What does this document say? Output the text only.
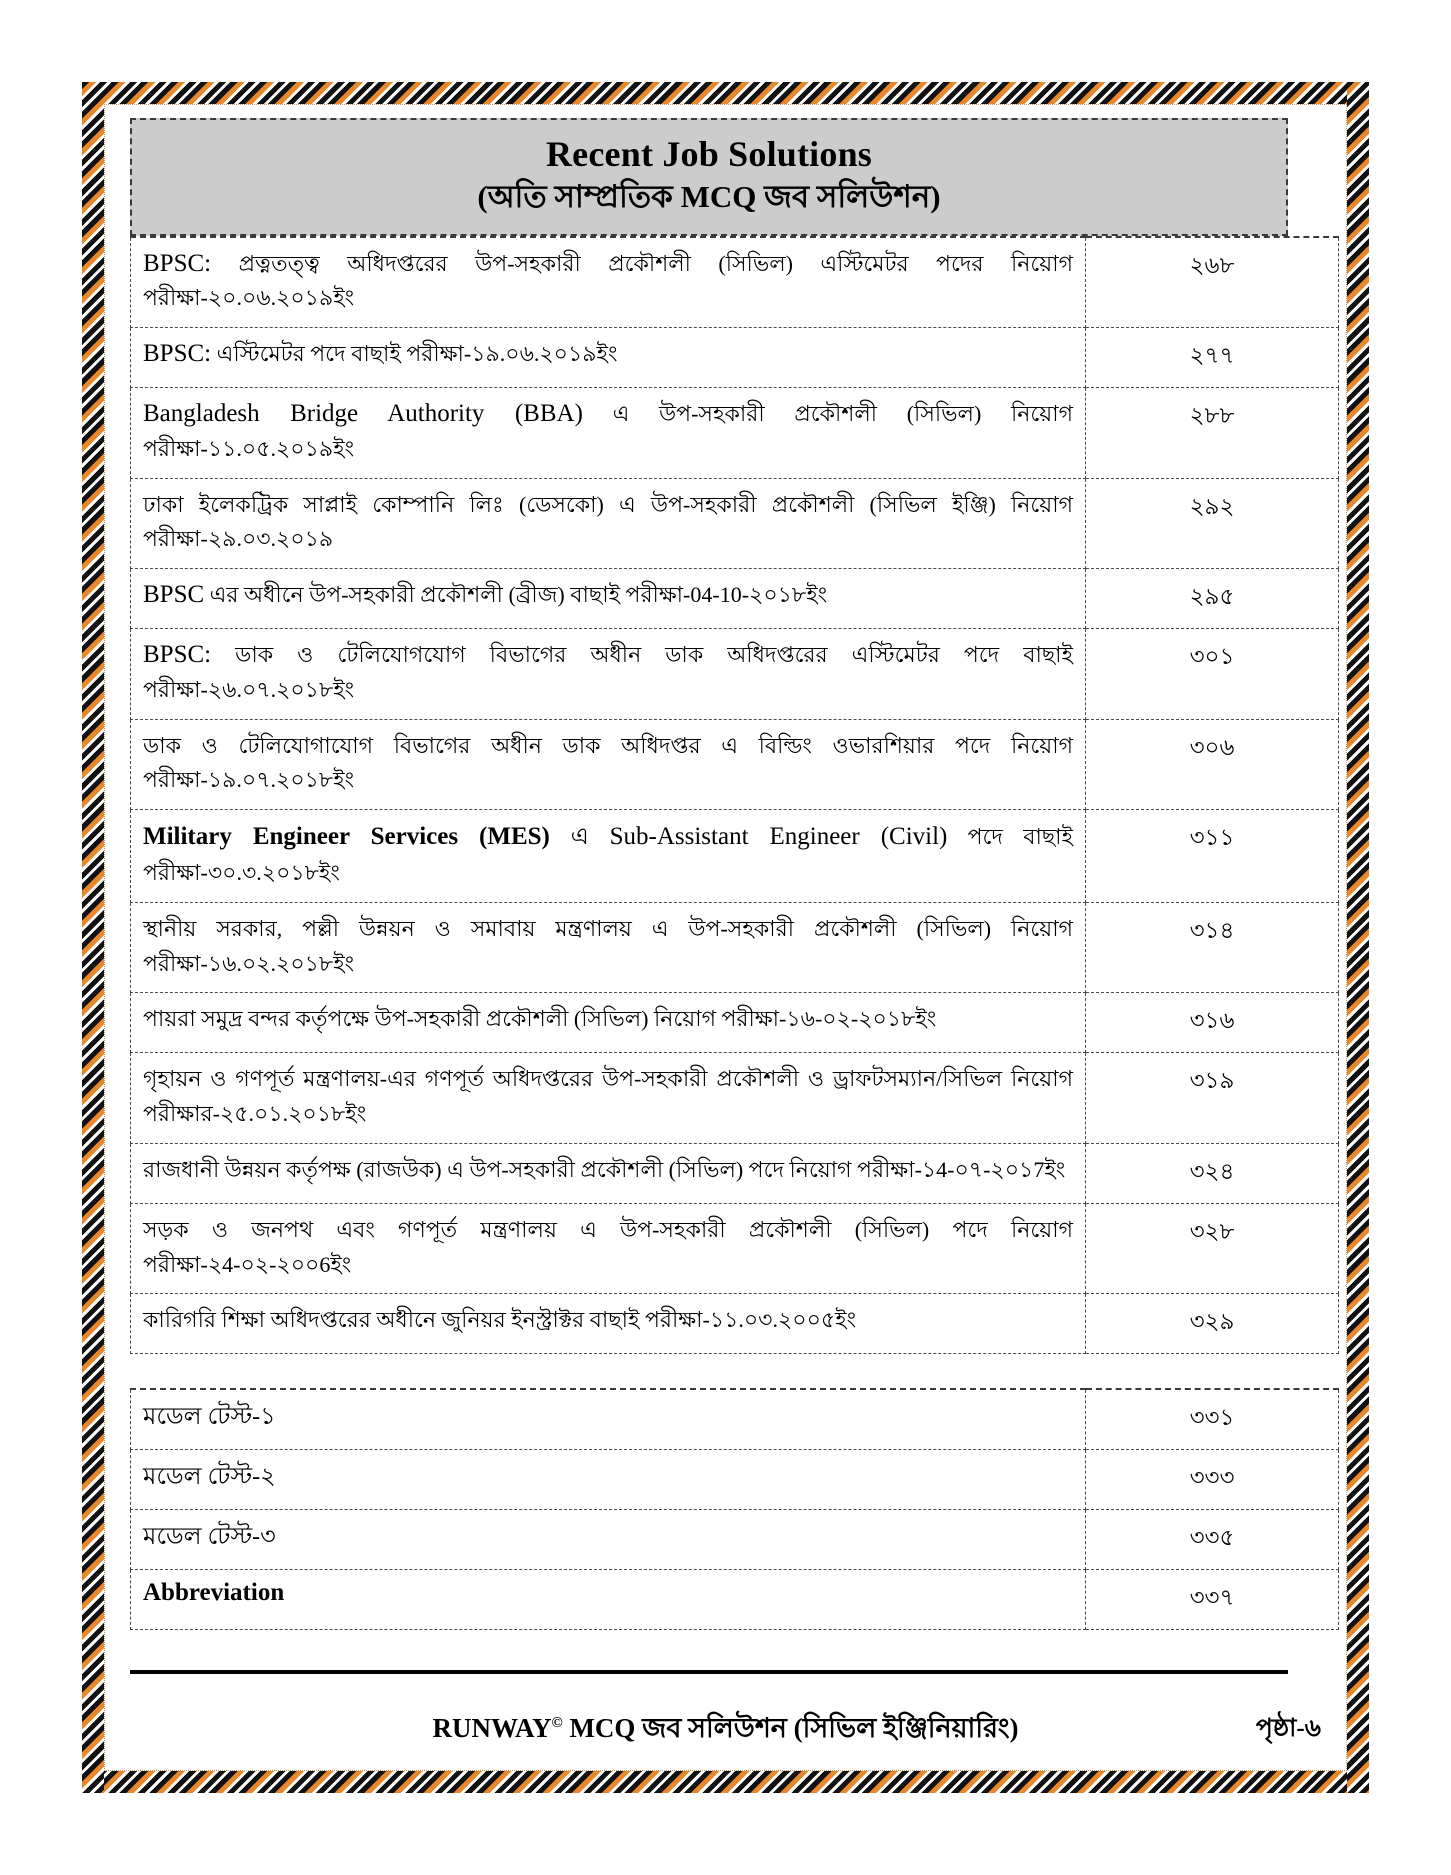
Recent Job Solutions
(অতি সাম্প্রতিক MCQ জব সলিউশন)
BPSC: প্রত্নতত্ত্ব অধিদপ্তরের উপ-সহকারী প্রকৌশলী (সিভিল) এস্টিমেটর পদের নিয়োগ পরীক্ষা-২০.০৬.২০১৯ইং	২৬৮
BPSC: এস্টিমেটর পদে বাছাই পরীক্ষা-১৯.০৬.২০১৯ইং	২৭৭
Bangladesh Bridge Authority (BBA) এ উপ-সহকারী প্রকৌশলী (সিভিল) নিয়োগ পরীক্ষা-১১.০৫.২০১৯ইং	২৮৮
ঢাকা ইলেকট্রিক সাপ্লাই কোম্পানি লিঃ (ডেসকো) এ উপ-সহকারী প্রকৌশলী (সিভিল ইঞ্জি) নিয়োগ পরীক্ষা-২৯.০৩.২০১৯	২৯২
BPSC এর অধীনে উপ-সহকারী প্রকৌশলী (ব্রীজ) বাছাই পরীক্ষা-04-10-২০১৮ইং	২৯৫
BPSC: ডাক ও টেলিযোগযোগ বিভাগের অধীন ডাক অধিদপ্তরের এস্টিমেটর পদে বাছাই পরীক্ষা-২৬.০৭.২০১৮ইং	৩০১
ডাক ও টেলিযোগাযোগ বিভাগের অধীন ডাক অধিদপ্তর এ বিল্ডিং ওভারশিয়ার পদে নিয়োগ পরীক্ষা-১৯.০৭.২০১৮ইং	৩০৬
Military Engineer Services (MES) এ Sub-Assistant Engineer (Civil) পদে বাছাই পরীক্ষা-৩০.৩.২০১৮ইং	৩১১
স্থানীয় সরকার, পল্লী উন্নয়ন ও সমাবায় মন্ত্রণালয় এ উপ-সহকারী প্রকৌশলী (সিভিল) নিয়োগ পরীক্ষা-১৬.০২.২০১৮ইং	৩১৪
পায়রা সমুদ্র বন্দর কর্তৃপক্ষে উপ-সহকারী প্রকৌশলী (সিভিল) নিয়োগ পরীক্ষা-১৬-০২-২০১৮ইং	৩১৬
গৃহায়ন ও গণপূর্ত মন্ত্রণালয়-এর গণপূর্ত অধিদপ্তরের উপ-সহকারী প্রকৌশলী ও ড্রাফটসম্যান/সিভিল নিয়োগ পরীক্ষার-২৫.০১.২০১৮ইং	৩১৯
রাজধানী উন্নয়ন কর্তৃপক্ষ (রাজউক) এ উপ-সহকারী প্রকৌশলী (সিভিল) পদে নিয়োগ পরীক্ষা-১4-০৭-২০১7ইং	৩২৪
সড়ক ও জনপথ এবং গণপূর্ত মন্ত্রণালয় এ উপ-সহকারী প্রকৌশলী (সিভিল) পদে নিয়োগ পরীক্ষা-২4-০২-২০০6ইং	৩২৮
কারিগরি শিক্ষা অধিদপ্তরের অধীনে জুনিয়র ইনস্ট্রাক্টর বাছাই পরীক্ষা-১১.০৩.২০০৫ইং	৩২৯
মডেল টেস্ট-১	৩৩১
মডেল টেস্ট-২	৩৩৩
মডেল টেস্ট-৩	৩৩৫
Abbreviation	৩৩৭
RUNWAY© MCQ জব সলিউশন (সিভিল ইঞ্জিনিয়ারিং)	পৃষ্ঠা-৬
